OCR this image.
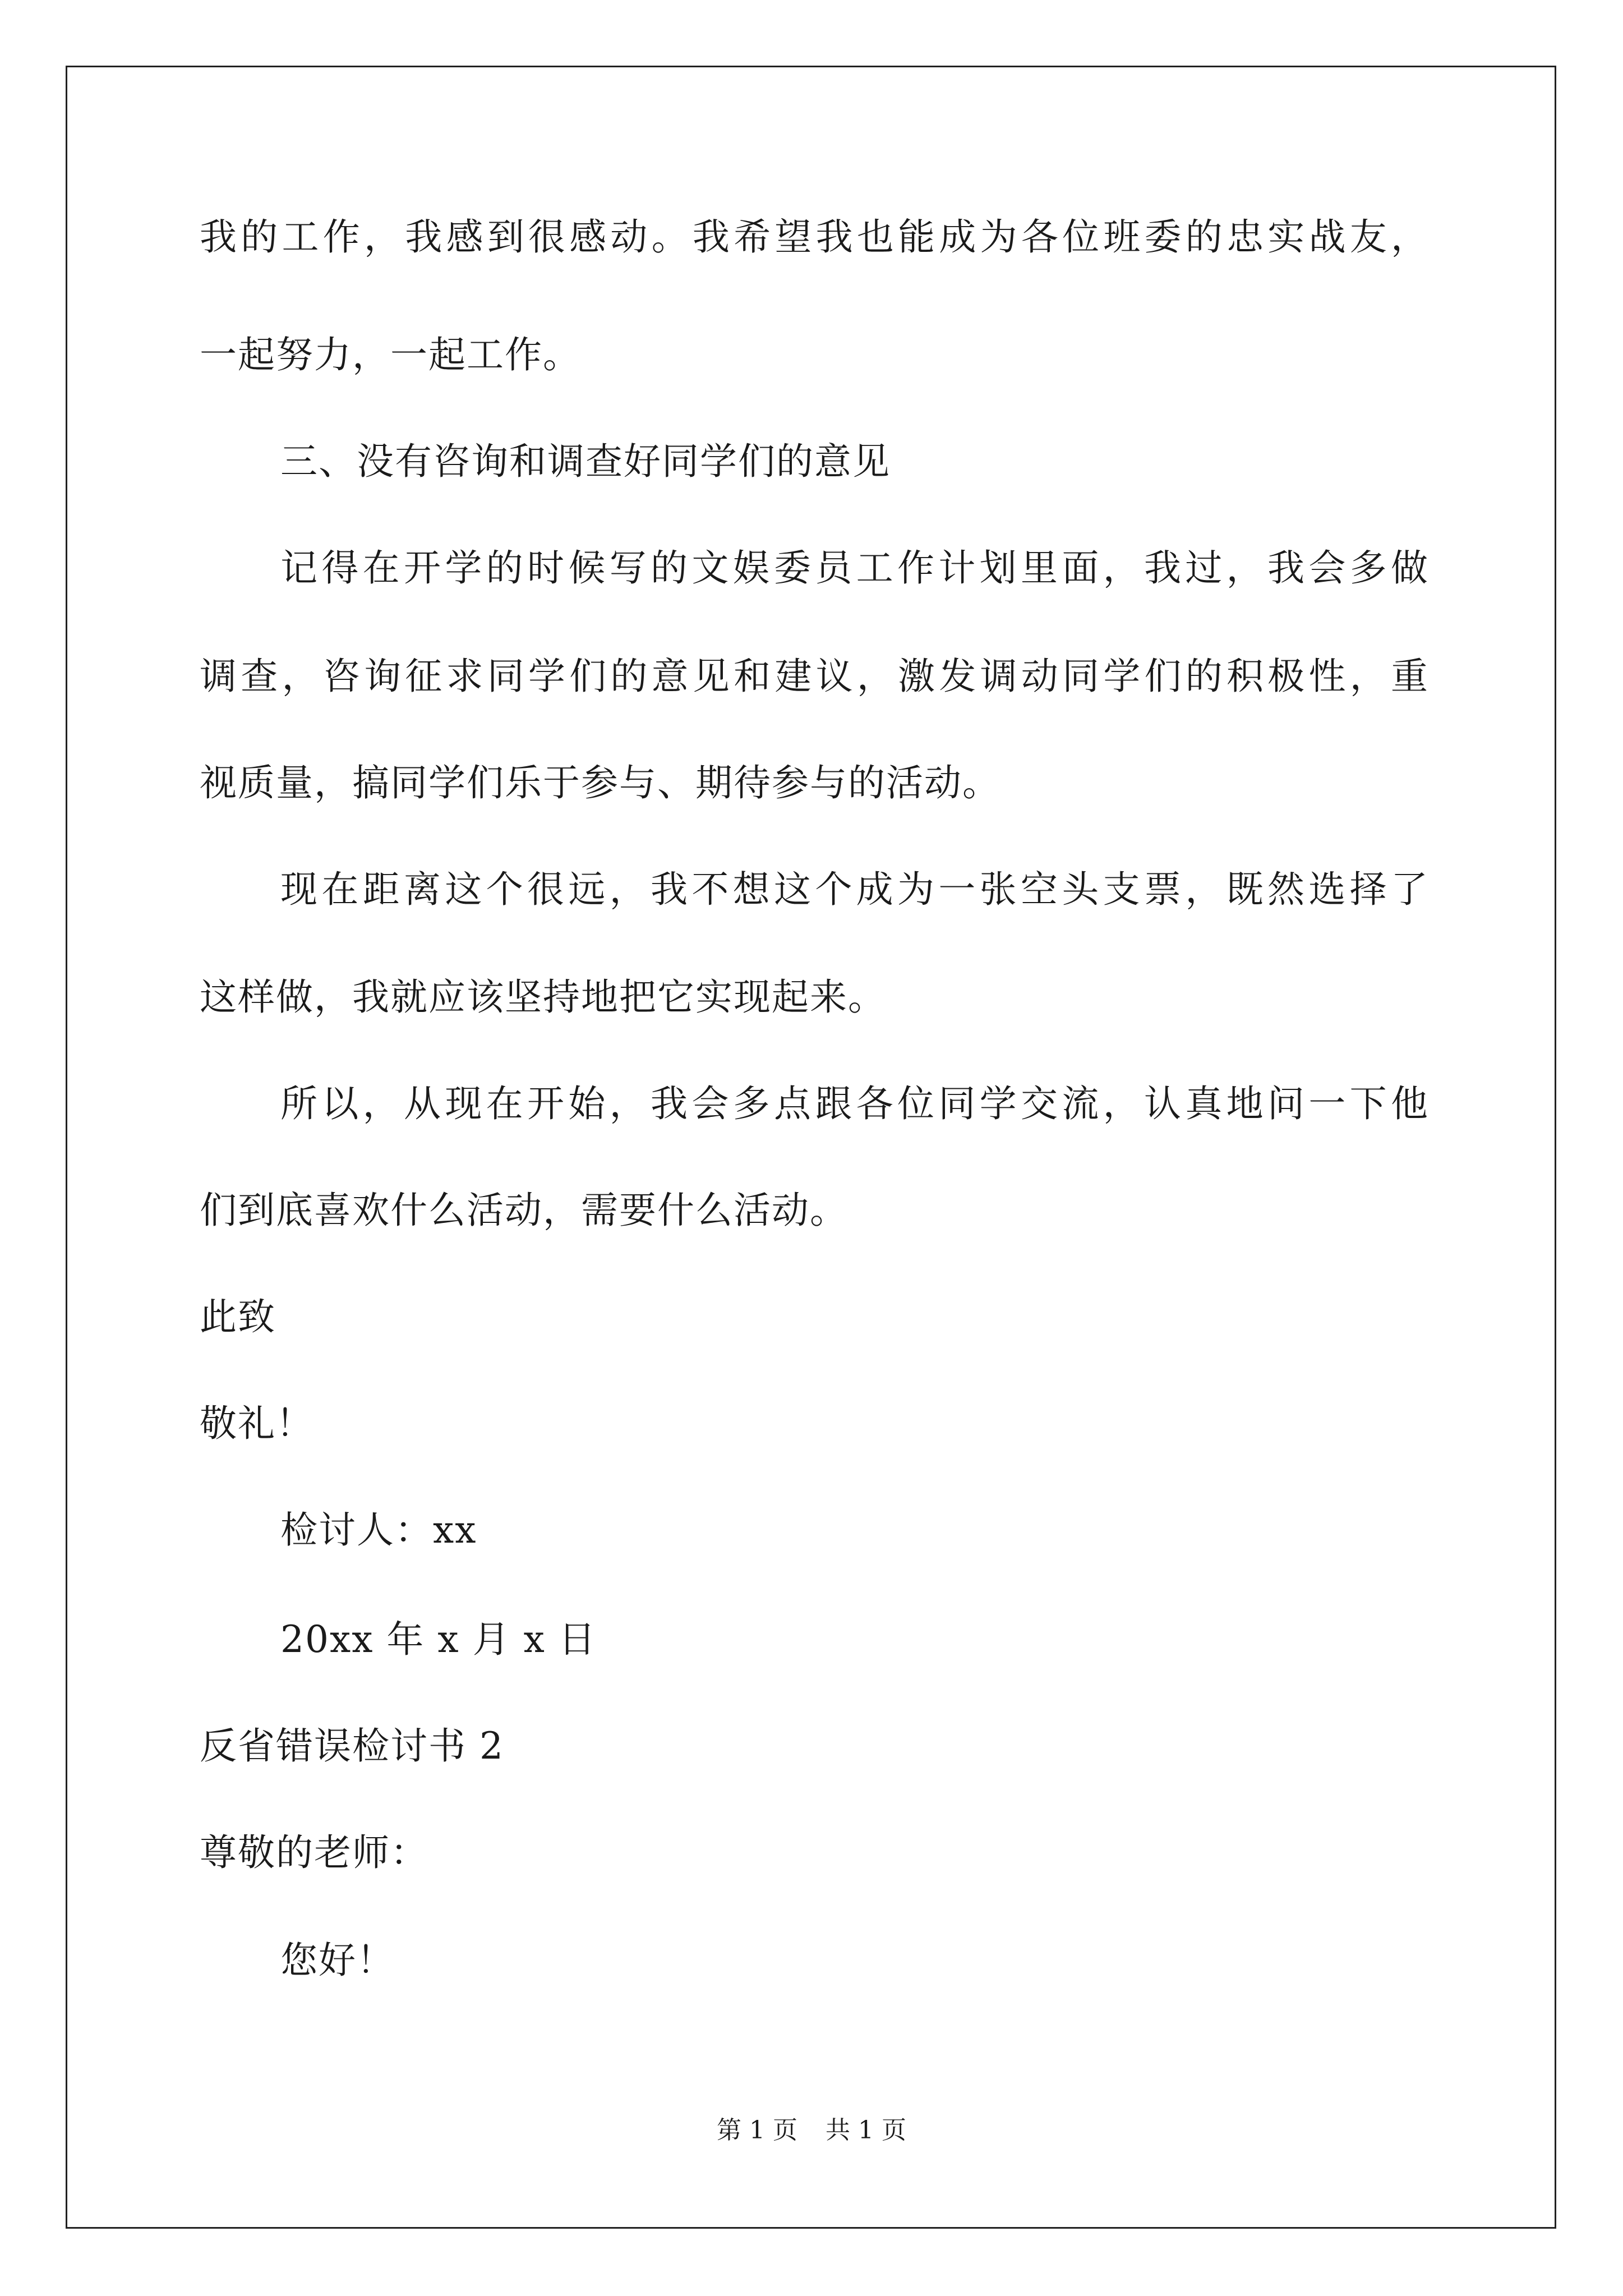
我的工作，我感到很感动。我希望我也能成为各位班委的忠实战友，
一起努力，一起工作。
三、没有咨询和调查好同学们的意见
记得在开学的时候写的文娱委员工作计划里面，我过，我会多做
调查，咨询征求同学们的意见和建议，激发调动同学们的积极性，重
视质量，搞同学们乐于参与、期待参与的活动。
现在距离这个很远，我不想这个成为一张空头支票，既然选择了
这样做，我就应该坚持地把它实现起来。
所以，从现在开始，我会多点跟各位同学交流，认真地问一下他
们到底喜欢什么活动，需要什么活动。
此致
敬礼！
检讨人：xx
20xx 年 x 月 x 日
反省错误检讨书 2
尊敬的老师：
您好！
第 1 页 共 1 页
